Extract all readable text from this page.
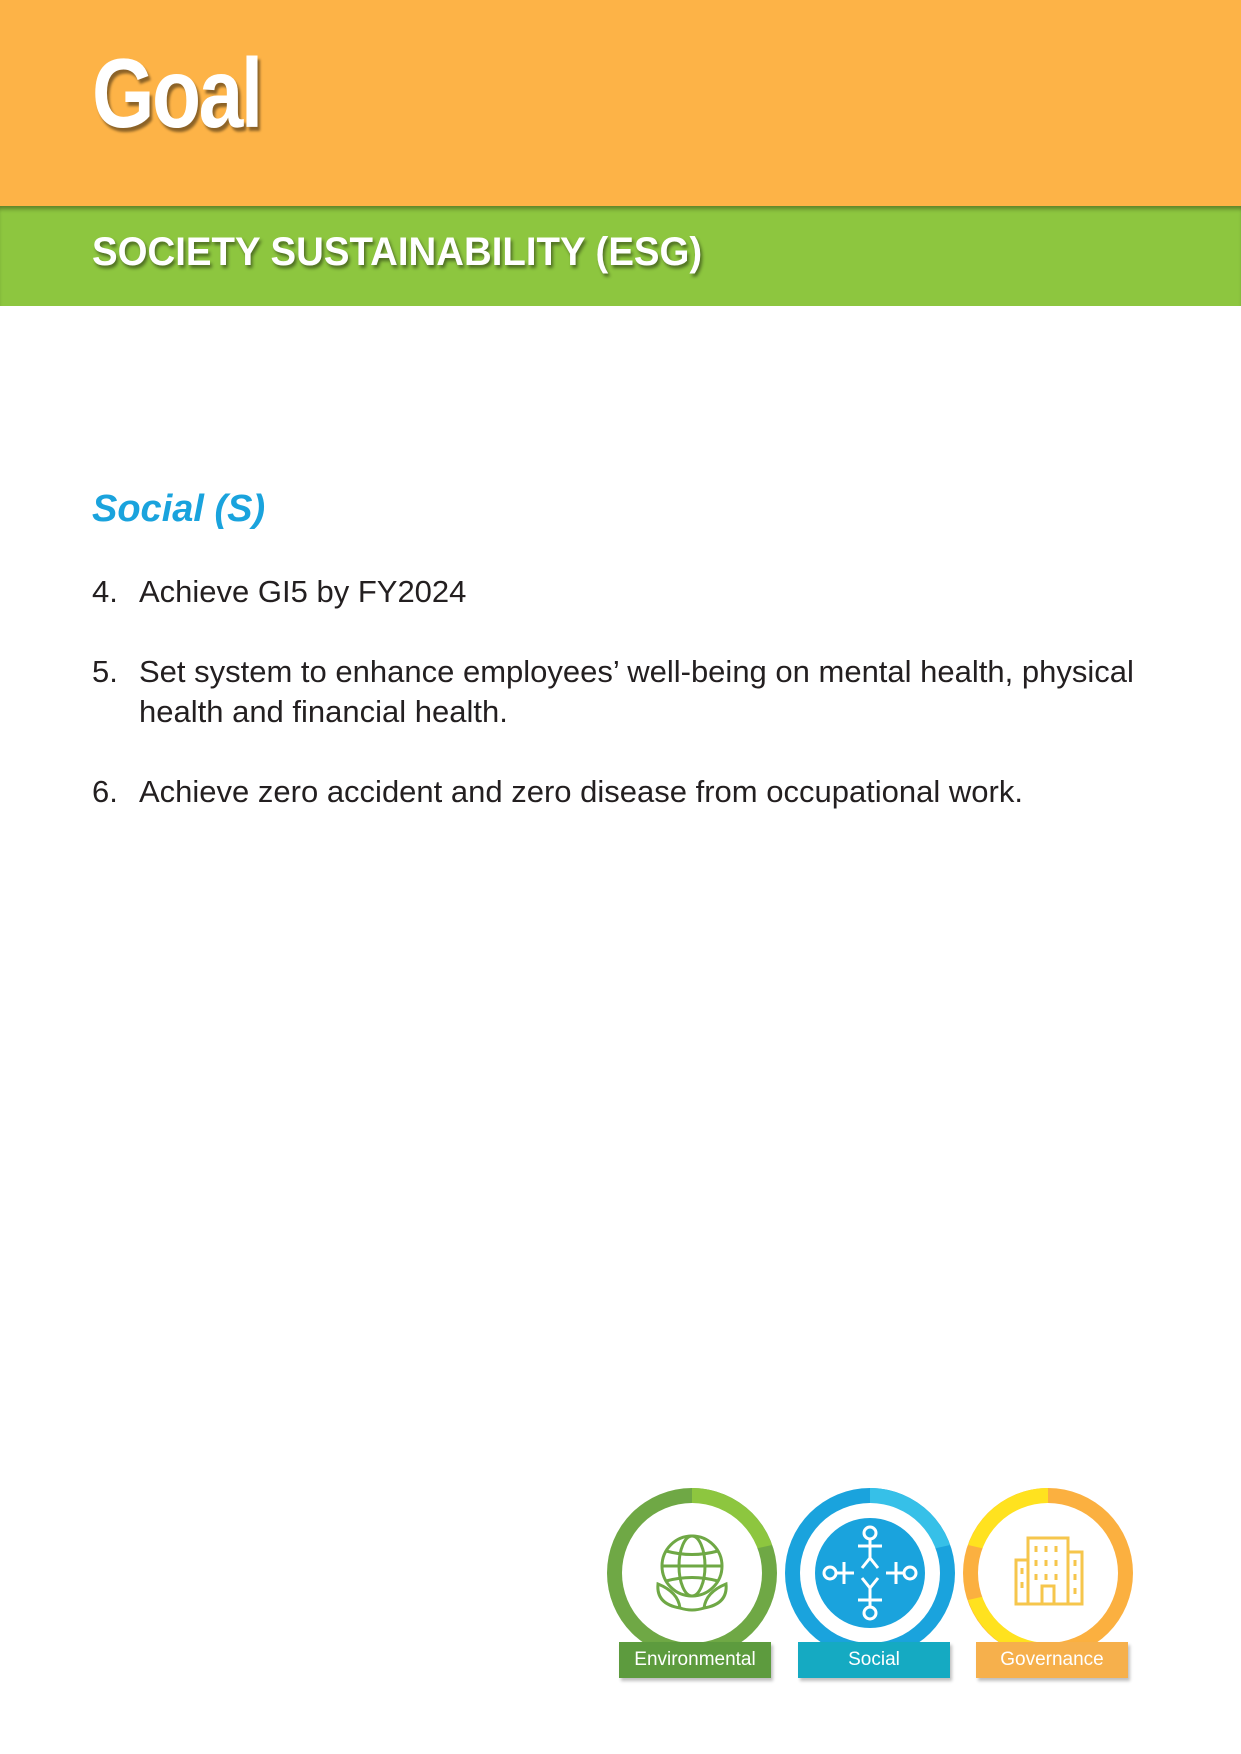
Goal
SOCIETY SUSTAINABILITY (ESG)
Social (S)
4. Achieve GI5 by FY2024
5. Set system to enhance employees’ well-being on mental health, physical health and financial health.
6. Achieve zero accident and zero disease from occupational work.
Environmental	Social	Governance
